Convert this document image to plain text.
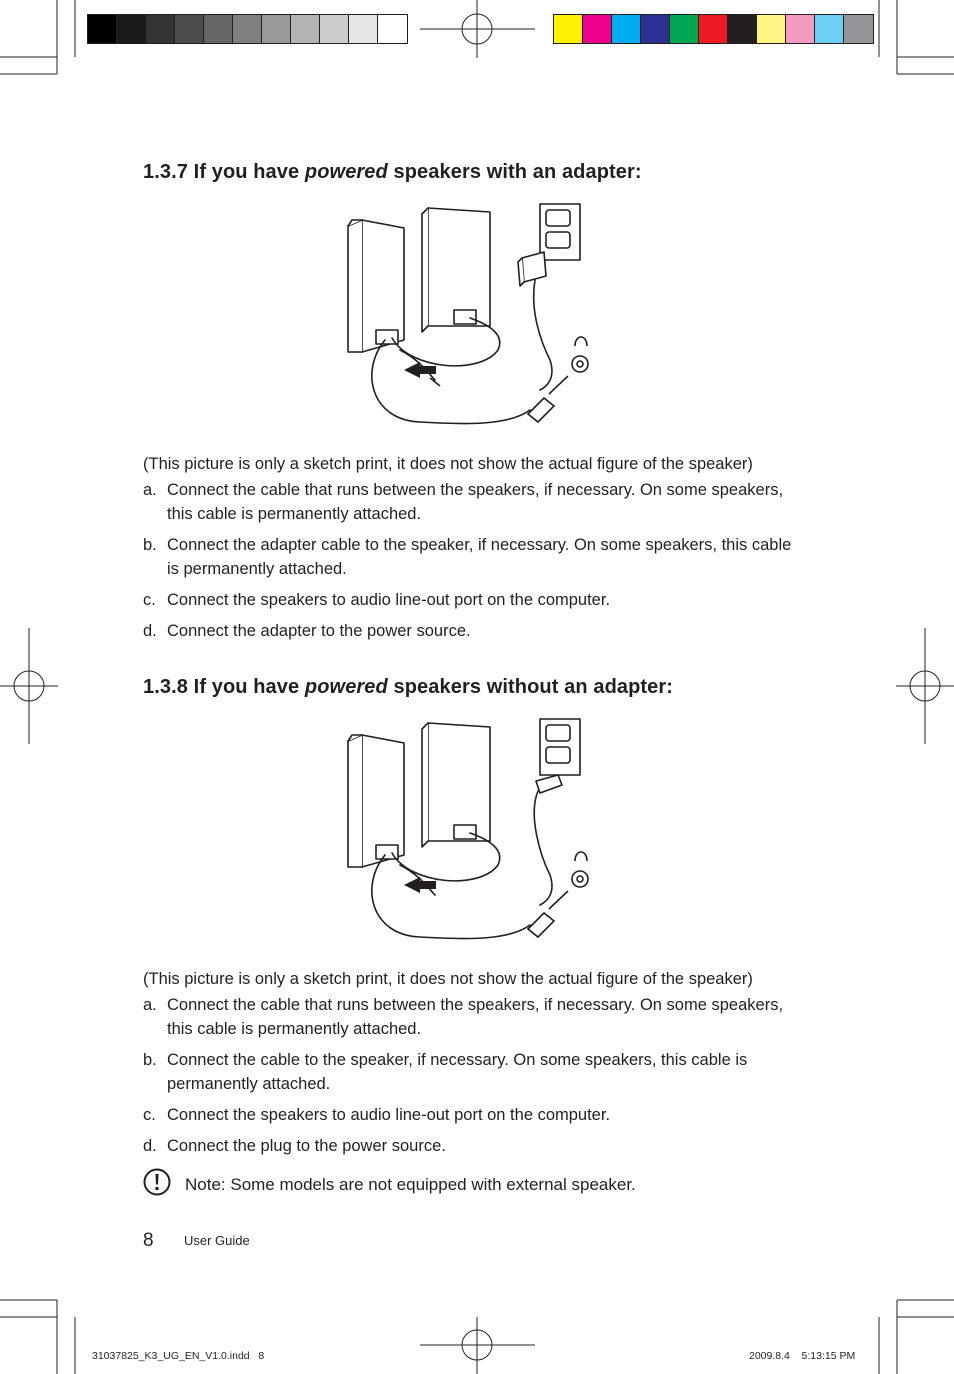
1.3.7 If you have powered speakers with an adapter:
(This picture is only a sketch print, it does not show the actual figure of the speaker)
a. Connect the cable that runs between the speakers, if necessary. On some speakers, this cable is permanently attached.
b. Connect the adapter cable to the speaker, if necessary. On some speakers, this cable is permanently attached.
c. Connect the speakers to audio line-out port on the computer.
d. Connect the adapter to the power source.
1.3.8 If you have powered speakers without an adapter:
(This picture is only a sketch print, it does not show the actual figure of the speaker)
a. Connect the cable that runs between the speakers, if necessary. On some speakers, this cable is permanently attached.
b. Connect the cable to the speaker, if necessary. On some speakers, this cable is permanently attached.
c. Connect the speakers to audio line-out port on the computer.
d. Connect the plug to the power source.
Note: Some models are not equipped with external speaker.
8 User Guide
31037825_K3_UG_EN_V1.0.indd   8	2009.8.4    5:13:15 PM
